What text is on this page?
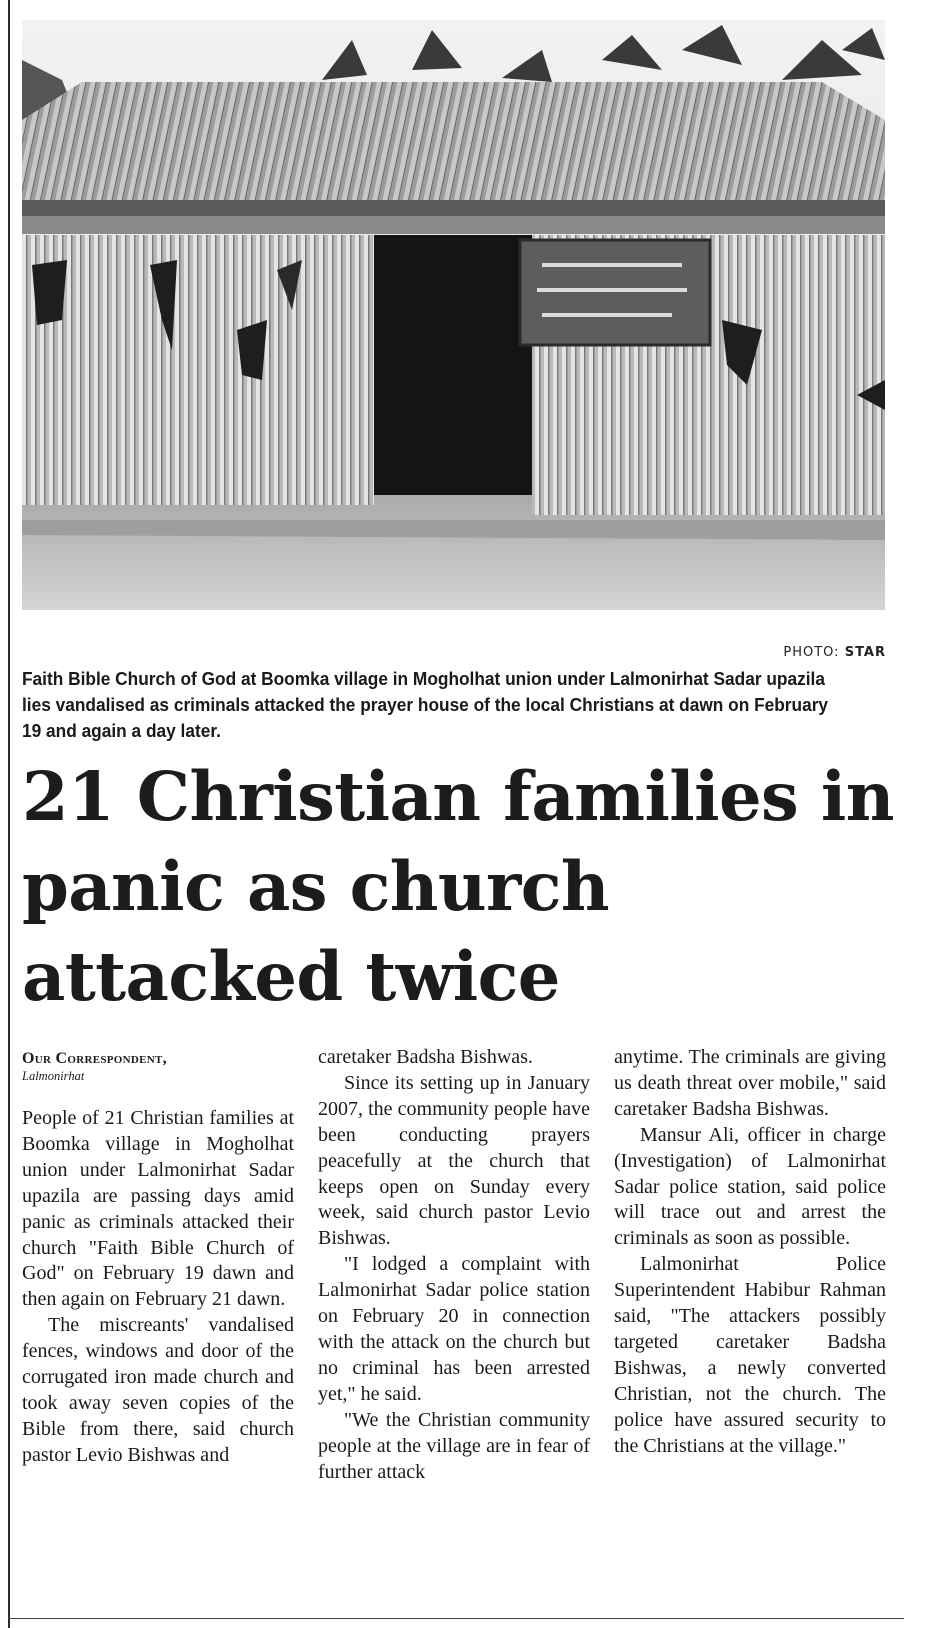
PHOTO: STAR
Faith Bible Church of God at Boomka village in Mogholhat union under Lalmonirhat Sadar upazila lies vandalised as criminals attacked the prayer house of the local Christians at dawn on February 19 and again a day later.
21 Christian families in
panic as church
attacked twice
Our Correspondent,
Lalmonirhat

People of 21 Christian families at Boomka village in Mogholhat union under Lalmonirhat Sadar upazila are passing days amid panic as criminals attacked their church "Faith Bible Church of God" on February 19 dawn and then again on February 21 dawn.

The miscreants' vandalised fences, windows and door of the corrugated iron made church and took away seven copies of the Bible from there, said church pastor Levio Bishwas and

caretaker Badsha Bishwas.

Since its setting up in January 2007, the community people have been conducting prayers peacefully at the church that keeps open on Sunday every week, said church pastor Levio Bishwas.

"I lodged a complaint with Lalmonirhat Sadar police station on February 20 in connection with the attack on the church but no criminal has been arrested yet," he said.

"We the Christian community people at the village are in fear of further attack

anytime. The criminals are giving us death threat over mobile," said caretaker Badsha Bishwas.

Mansur Ali, officer in charge (Investigation) of Lalmonirhat Sadar police station, said police will trace out and arrest the criminals as soon as possible.

Lalmonirhat Police Superintendent Habibur Rahman said, "The attackers possibly targeted caretaker Badsha Bishwas, a newly converted Christian, not the church. The police have assured security to the Christians at the village."
